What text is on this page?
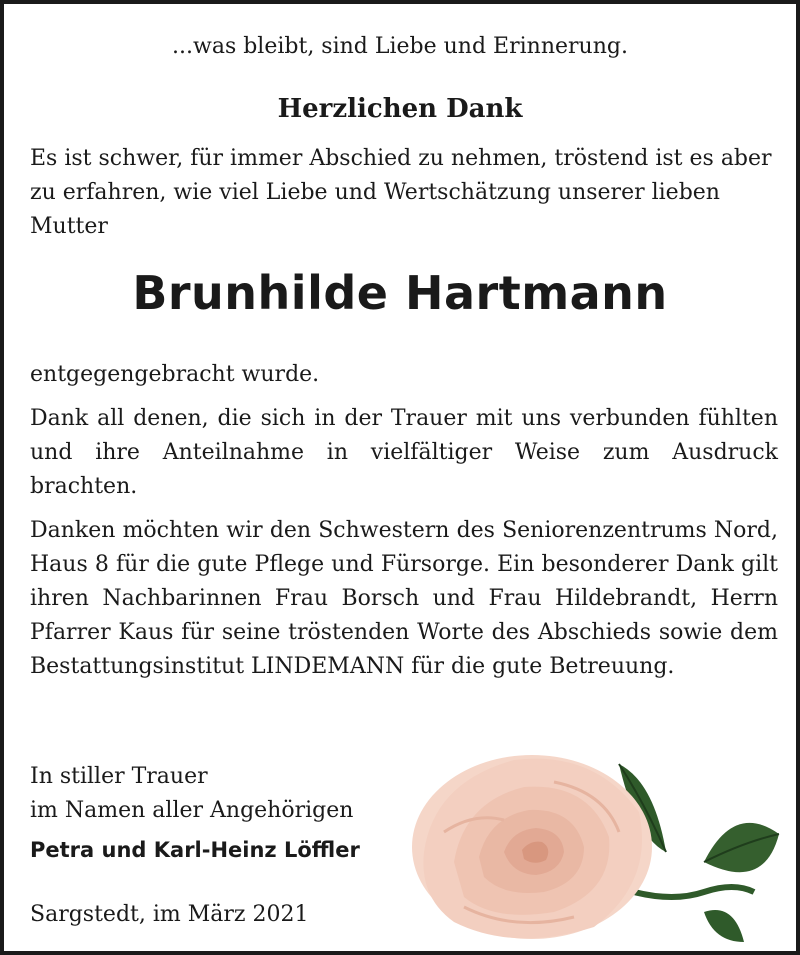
...was bleibt, sind Liebe und Erinnerung.
Herzlichen Dank
Es ist schwer, für immer Abschied zu nehmen, tröstend ist es aber zu erfahren, wie viel Liebe und Wertschätzung unserer lieben Mutter
Brunhilde Hartmann
entgegengebracht wurde.
Dank all denen, die sich in der Trauer mit uns verbunden fühlten und ihre Anteilnahme in vielfältiger Weise zum Ausdruck brachten.
Danken möchten wir den Schwestern des Seniorenzentrums Nord, Haus 8 für die gute Pflege und Fürsorge. Ein besonderer Dank gilt ihren Nachbarinnen Frau Borsch und Frau Hildebrandt, Herrn Pfarrer Kaus für seine tröstenden Worte des Abschieds sowie dem Bestattungsinstitut LINDEMANN für die gute Betreuung.
In stiller Trauer
im Namen aller Angehörigen
Petra und Karl-Heinz Löffler
Sargstedt, im März 2021
